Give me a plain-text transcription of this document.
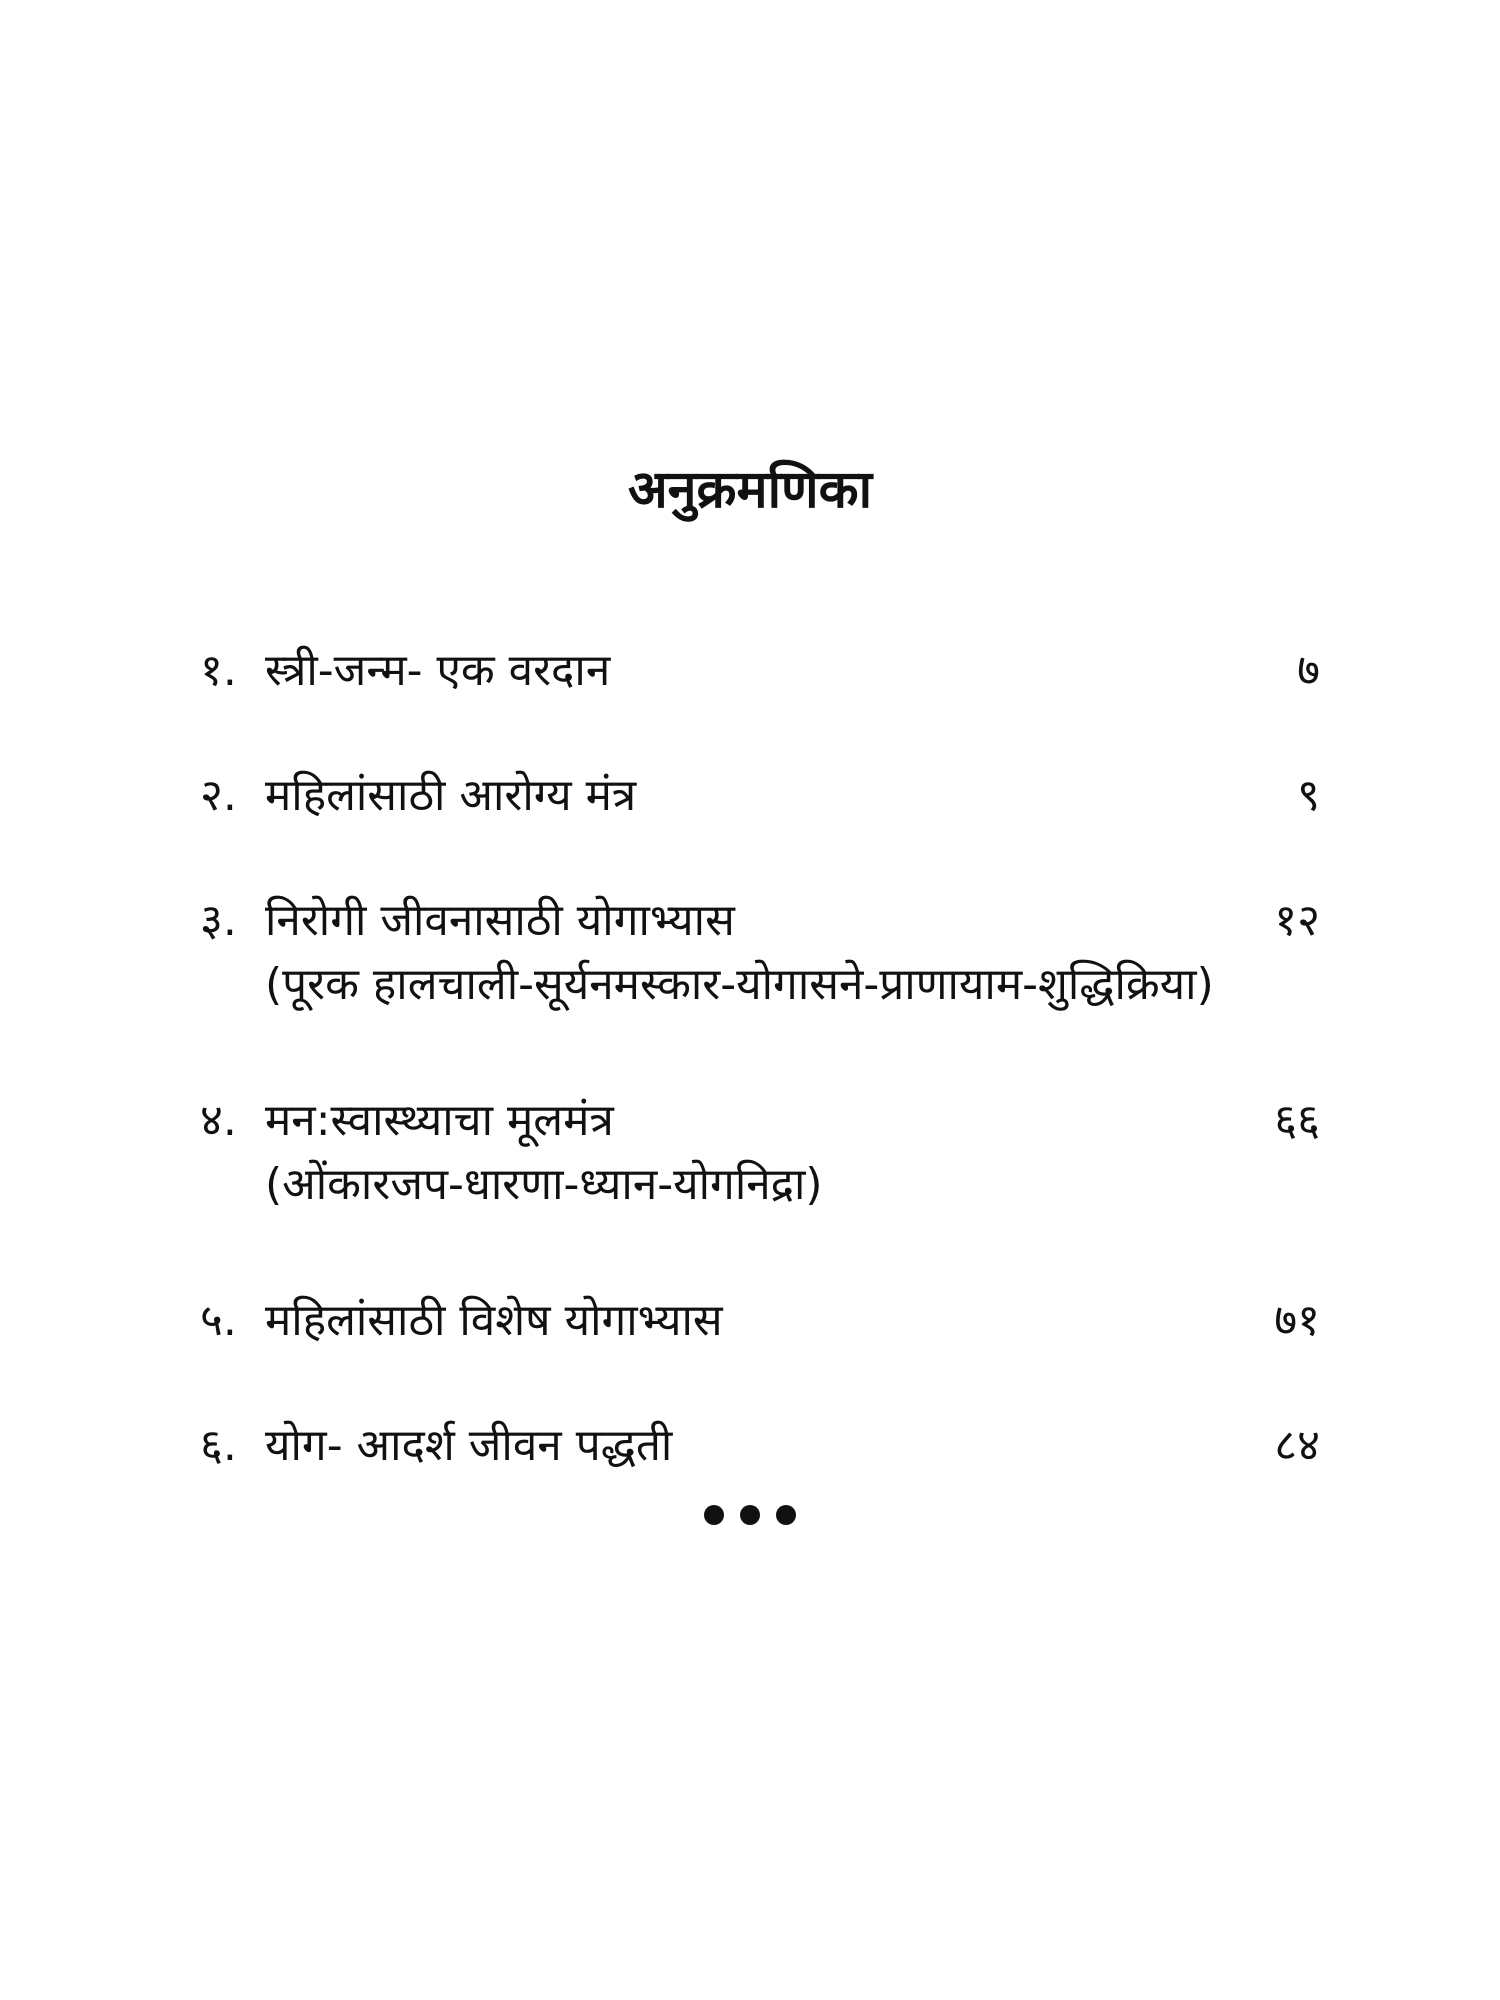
अनुक्रमणिका
१. स्त्री-जन्म- एक वरदान	७
२. महिलांसाठी आरोग्य मंत्र	९
३. निरोगी जीवनासाठी योगाभ्यास	१२
(पूरक हालचाली-सूर्यनमस्कार-योगासने-प्राणायाम-शुद्धिक्रिया)
४. मन:स्वास्थ्याचा मूलमंत्र	६६
(ओंकारजप-धारणा-ध्यान-योगनिद्रा)
५. महिलांसाठी विशेष योगाभ्यास	७१
६. योग- आदर्श जीवन पद्धती	८४
